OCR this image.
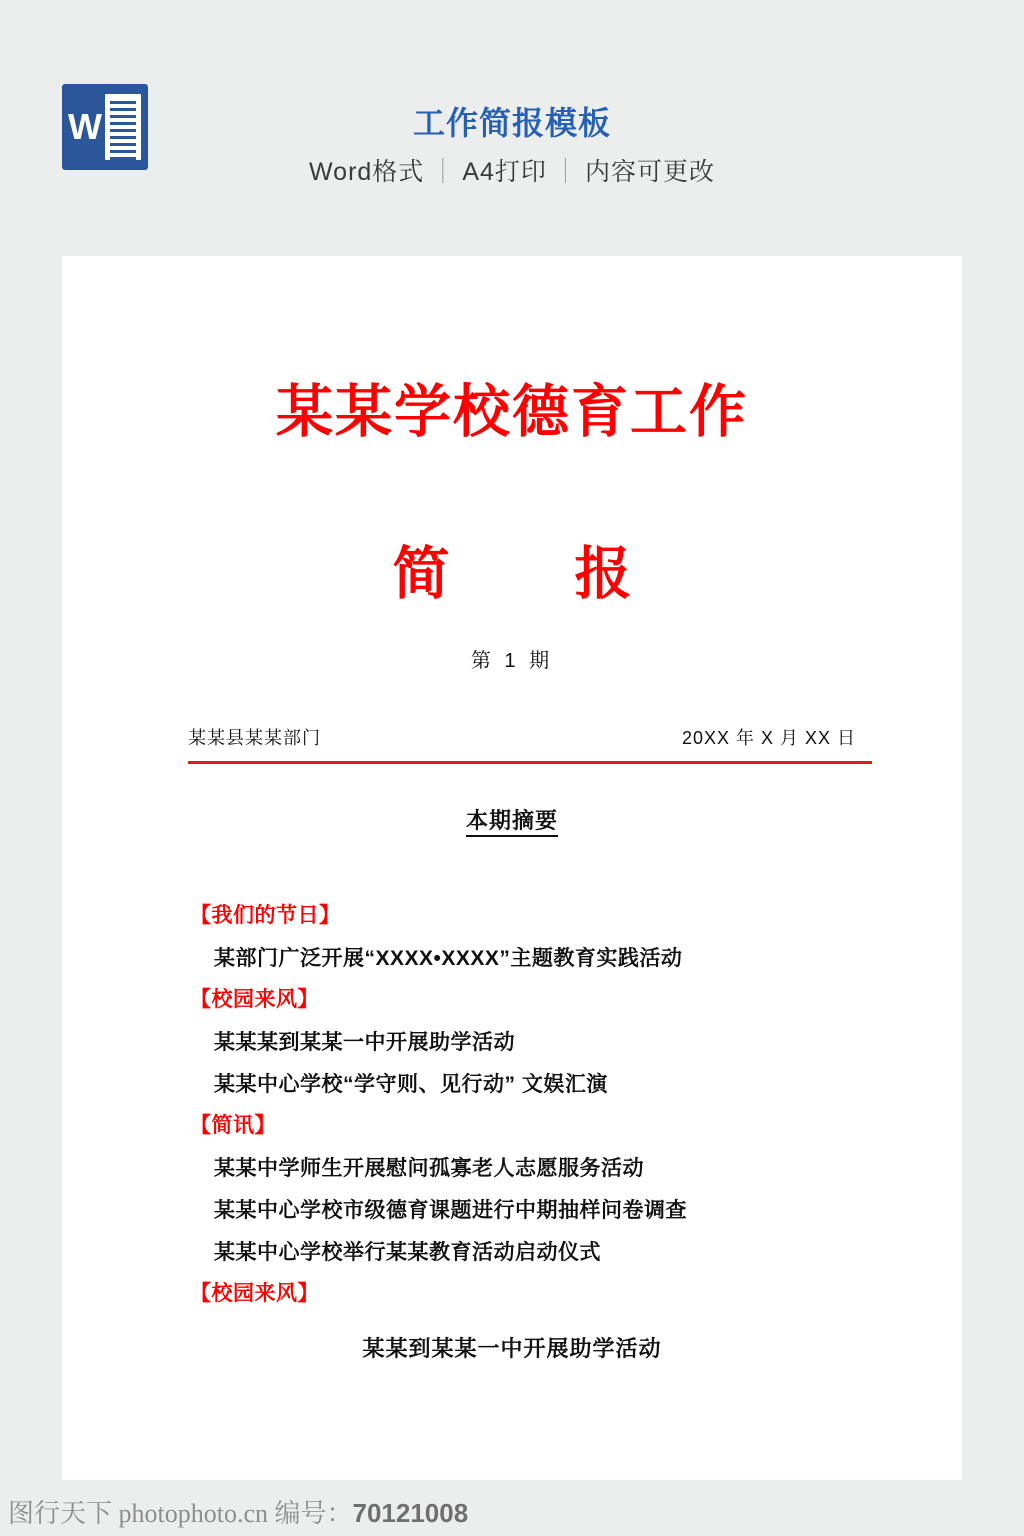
W	工作简报模板
Word格式 ｜ A4打印 ｜ 内容可更改
某某学校德育工作
简　报
第 1 期
某某县某某部门	20XX 年 X 月 XX 日
本期摘要
【我们的节日】
某部门广泛开展“XXXX•XXXX”主题教育实践活动
【校园来风】
某某某到某某一中开展助学活动
某某中心学校“学守则、见行动” 文娱汇演
【简讯】
某某中学师生开展慰问孤寡老人志愿服务活动
某某中心学校市级德育课题进行中期抽样问卷调查
某某中心学校举行某某教育活动启动仪式
【校园来风】
某某到某某一中开展助学活动
图行天下 photophoto.cn 编号：70121008
